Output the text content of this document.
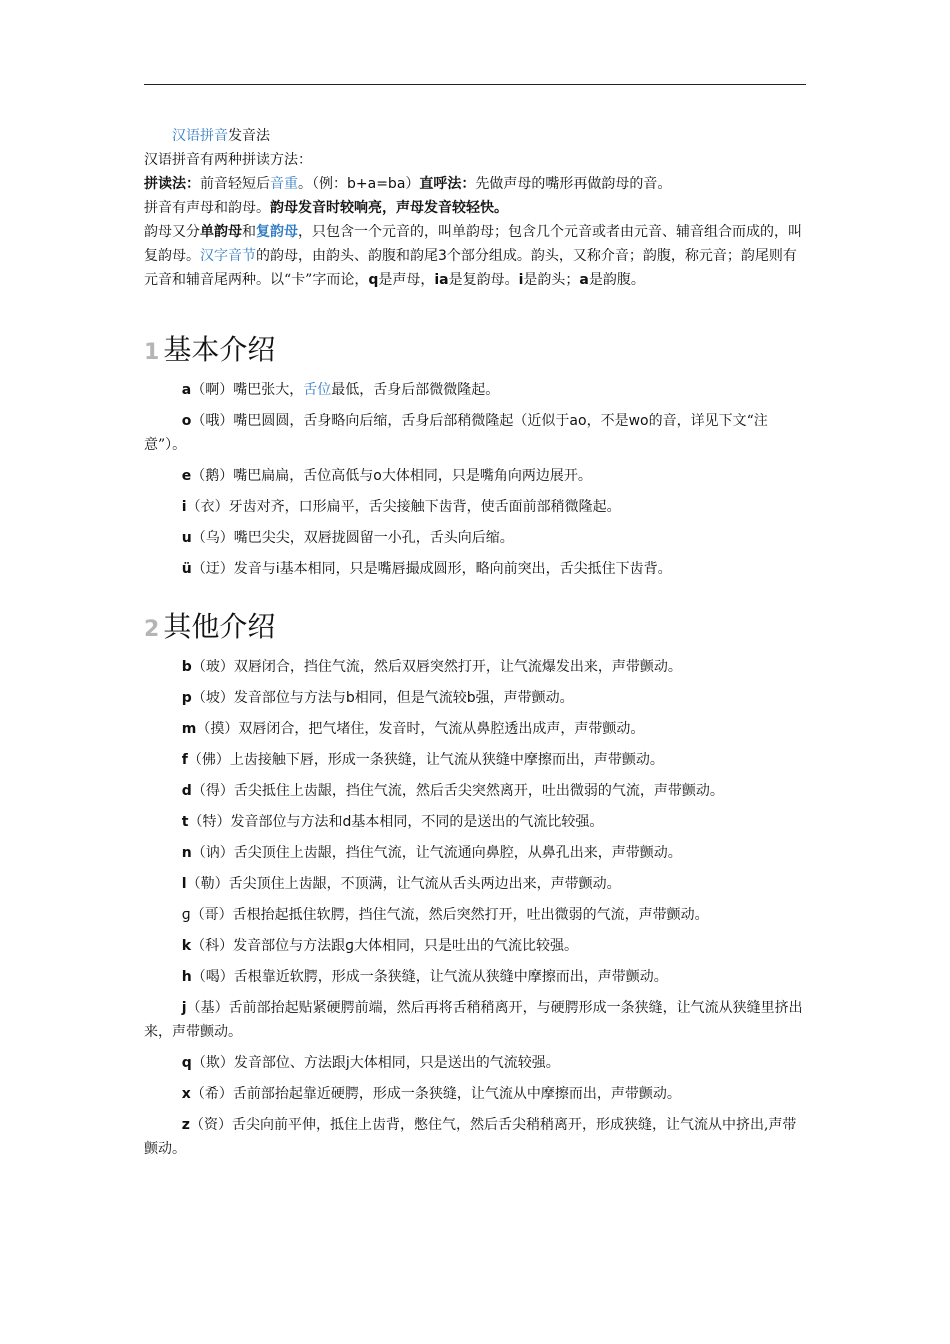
汉语拼音发音法

汉语拼音有两种拼读方法：

拼读法：前音轻短后音重。（例：b+a=ba）直呼法：先做声母的嘴形再做韵母的音。

拼音有声母和韵母。韵母发音时较响亮，声母发音较轻快。

韵母又分单韵母和复韵母，只包含一个元音的，叫单韵母；包含几个元音或者由元音、辅音组合而成的，叫复韵母。汉字音节的韵母，由韵头、韵腹和韵尾3个部分组成。韵头，又称介音；韵腹，称元音；韵尾则有元音和辅音尾两种。以“卡”字而论，q是声母，ia是复韵母。i是韵头；a是韵腹。

1 基本介绍

a（啊）嘴巴张大，舌位最低，舌身后部微微隆起。

o（哦）嘴巴圆圆，舌身略向后缩，舌身后部稍微隆起（近似于ao，不是wo的音，详见下文“注意”）。

e（鹅）嘴巴扁扁，舌位高低与o大体相同，只是嘴角向两边展开。

i（衣）牙齿对齐，口形扁平，舌尖接触下齿背，使舌面前部稍微隆起。

u（乌）嘴巴尖尖，双唇拢圆留一小孔，舌头向后缩。

ü（迂）发音与i基本相同，只是嘴唇撮成圆形，略向前突出，舌尖抵住下齿背。

2 其他介绍

b（玻）双唇闭合，挡住气流，然后双唇突然打开，让气流爆发出来，声带颤动。

p（坡）发音部位与方法与b相同，但是气流较b强，声带颤动。

m（摸）双唇闭合，把气堵住，发音时，气流从鼻腔透出成声，声带颤动。

f（佛）上齿接触下唇，形成一条狭缝，让气流从狭缝中摩擦而出，声带颤动。

d（得）舌尖抵住上齿龈，挡住气流，然后舌尖突然离开，吐出微弱的气流，声带颤动。

t（特）发音部位与方法和d基本相同，不同的是送出的气流比较强。

n（讷）舌尖顶住上齿龈，挡住气流，让气流通向鼻腔，从鼻孔出来，声带颤动。

l（勒）舌尖顶住上齿龈，不顶满，让气流从舌头两边出来，声带颤动。

ɡ（哥）舌根抬起抵住软腭，挡住气流，然后突然打开，吐出微弱的气流，声带颤动。

k（科）发音部位与方法跟ɡ大体相同，只是吐出的气流比较强。

h（喝）舌根靠近软腭，形成一条狭缝，让气流从狭缝中摩擦而出，声带颤动。

j（基）舌前部抬起贴紧硬腭前端，然后再将舌稍稍离开，与硬腭形成一条狭缝，让气流从狭缝里挤出来，声带颤动。

q（欺）发音部位、方法跟j大体相同，只是送出的气流较强。

x（希）舌前部抬起靠近硬腭，形成一条狭缝，让气流从中摩擦而出，声带颤动。

z（资）舌尖向前平伸，抵住上齿背，憋住气，然后舌尖稍稍离开，形成狭缝，让气流从中挤出,声带颤动。
